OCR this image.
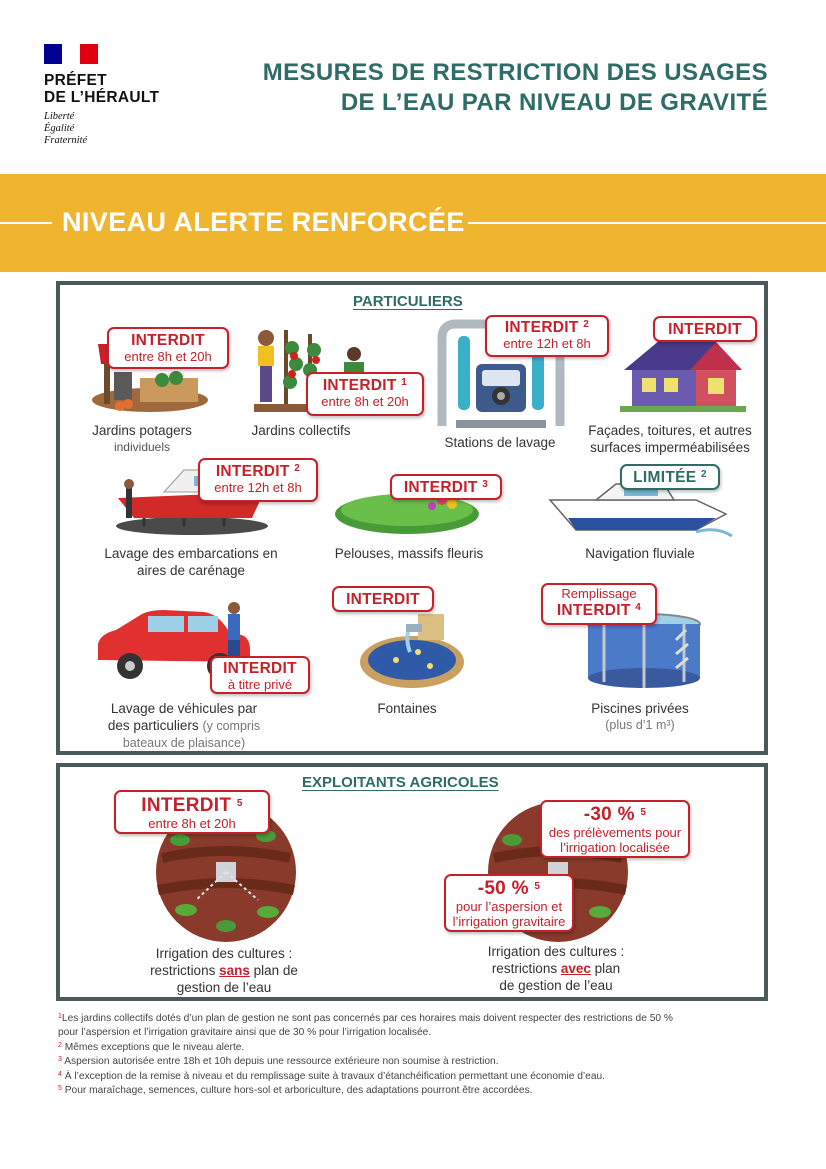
PRÉFET
DE L’HÉRAULT
Liberté
Égalité
Fraternité
MESURES DE RESTRICTION DES USAGES
DE L’EAU PAR NIVEAU DE GRAVITÉ
NIVEAU ALERTE RENFORCÉE
PARTICULIERS
INTERDIT
entre 8h et 20h
Jardins potagers
individuels
INTERDIT $^1$
entre 8h et 20h
Jardins collectifs
INTERDIT $^2$
entre 12h et 8h
Stations de lavage
INTERDIT
Façades, toitures, et autres
surfaces imperméabilisées
INTERDIT $^2$
entre 12h et 8h
Lavage des embarcations en
aires de carénage
INTERDIT $^3$
Pelouses, massifs fleuris
LIMITÉE $^2$
Navigation fluviale
INTERDIT
à titre privé
Lavage de véhicules par
des particuliers (y compris
bateaux de plaisance)
INTERDIT
Fontaines
Remplissage
INTERDIT $^4$
Piscines privées
(plus d’1 m³)
EXPLOITANTS AGRICOLES
INTERDIT $^5$
entre 8h et 20h
Irrigation des cultures :
restrictions sans plan de
gestion de l’eau
-30 % $^5$
des prélèvements pour
l’irrigation localisée
-50 % $^5$
pour l’aspersion et
l’irrigation gravitaire
Irrigation des cultures :
restrictions avec plan
de gestion de l’eau
$^1$Les jardins collectifs dotés d’un plan de gestion ne sont pas concernés par ces horaires mais doivent respecter des restrictions de 50 %
pour l’aspersion et l’irrigation gravitaire ainsi que de 30 % pour l’irrigation localisée.
$^2$ Mêmes exceptions que le niveau alerte.
$^3$ Aspersion autorisée entre 18h et 10h depuis une ressource extérieure non soumise à restriction.
$^4$ À l’exception de la remise à niveau et du remplissage suite à travaux d’étanchéification permettant une économie d’eau.
$^5$ Pour maraîchage, semences, culture hors-sol et arboriculture, des adaptations pourront être accordées.
